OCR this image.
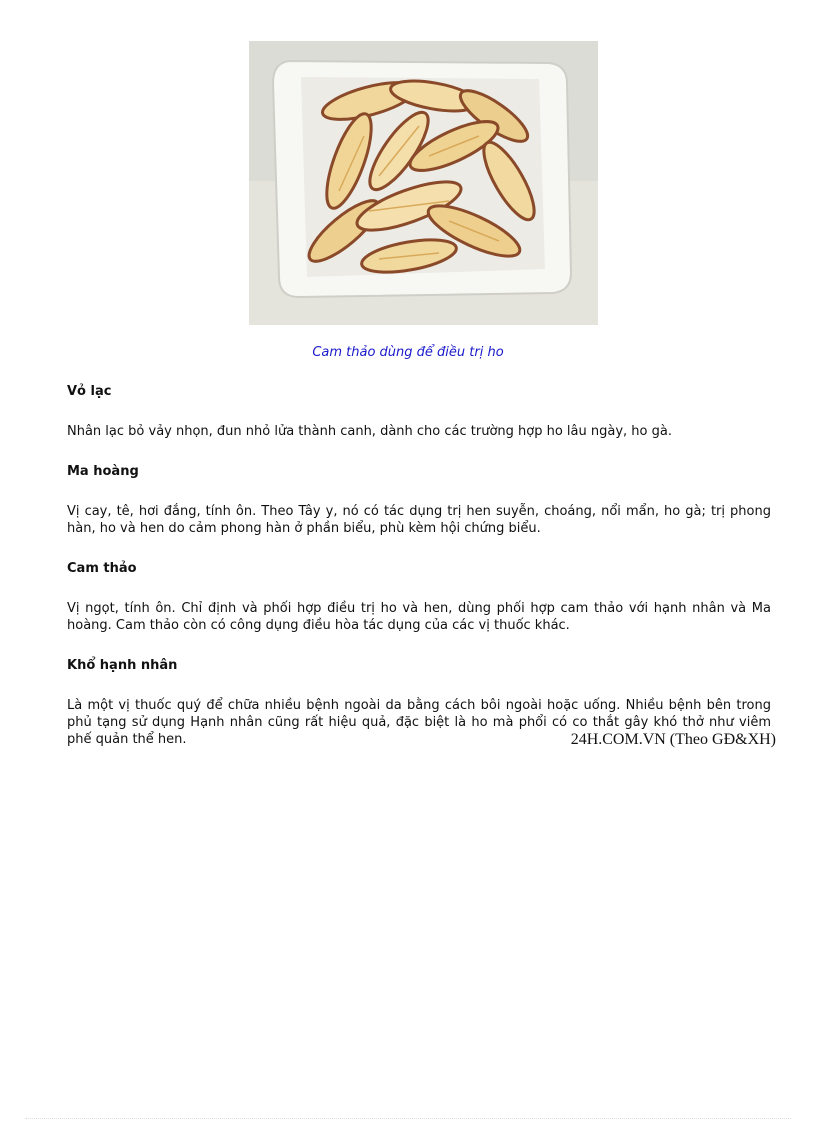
Cam thảo dùng để điều trị ho
Vỏ lạc

Nhân lạc bỏ vảy nhọn, đun nhỏ lửa thành canh, dành cho các trường hợp ho lâu ngày, ho gà.

Ma hoàng

Vị cay, tê, hơi đắng, tính ôn. Theo Tây y, nó có tác dụng trị hen suyễn, choáng, nổi mẩn, ho gà; trị phong hàn, ho và hen do cảm phong hàn ở phần biểu, phù kèm hội chứng biểu.

Cam thảo

Vị ngọt, tính ôn. Chỉ định và phối hợp điều trị ho và hen, dùng phối hợp cam thảo với hạnh nhân và Ma hoàng. Cam thảo còn có công dụng điều hòa tác dụng của các vị thuốc khác.

Khổ hạnh nhân

Là một vị thuốc quý để chữa nhiều bệnh ngoài da bằng cách bôi ngoài hoặc uống. Nhiều bệnh bên trong phủ tạng sử dụng Hạnh nhân cũng rất hiệu quả, đặc biệt là ho mà phổi có co thắt gây khó thở như viêm phế quản thể hen.	24H.COM.VN (Theo GĐ&XH)
